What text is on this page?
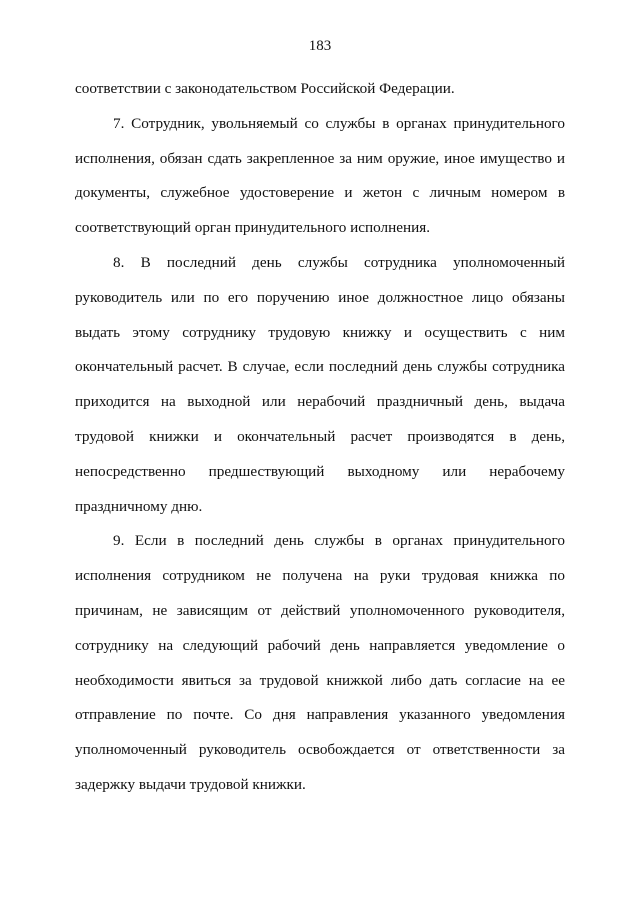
183

соответствии с законодательством Российской Федерации.

7. Сотрудник, увольняемый со службы в органах принудительного исполнения, обязан сдать закрепленное за ним оружие, иное имущество и документы, служебное удостоверение и жетон с личным номером в соответствующий орган принудительного исполнения.

8. В последний день службы сотрудника уполномоченный руководитель или по его поручению иное должностное лицо обязаны выдать этому сотруднику трудовую книжку и осуществить с ним окончательный расчет. В случае, если последний день службы сотрудника приходится на выходной или нерабочий праздничный день, выдача трудовой книжки и окончательный расчет производятся в день, непосредственно предшествующий выходному или нерабочему праздничному дню.

9. Если в последний день службы в органах принудительного исполнения сотрудником не получена на руки трудовая книжка по причинам, не зависящим от действий уполномоченного руководителя, сотруднику на следующий рабочий день направляется уведомление о необходимости явиться за трудовой книжкой либо дать согласие на ее отправление по почте. Со дня направления указанного уведомления уполномоченный руководитель освобождается от ответственности за задержку выдачи трудовой книжки.
